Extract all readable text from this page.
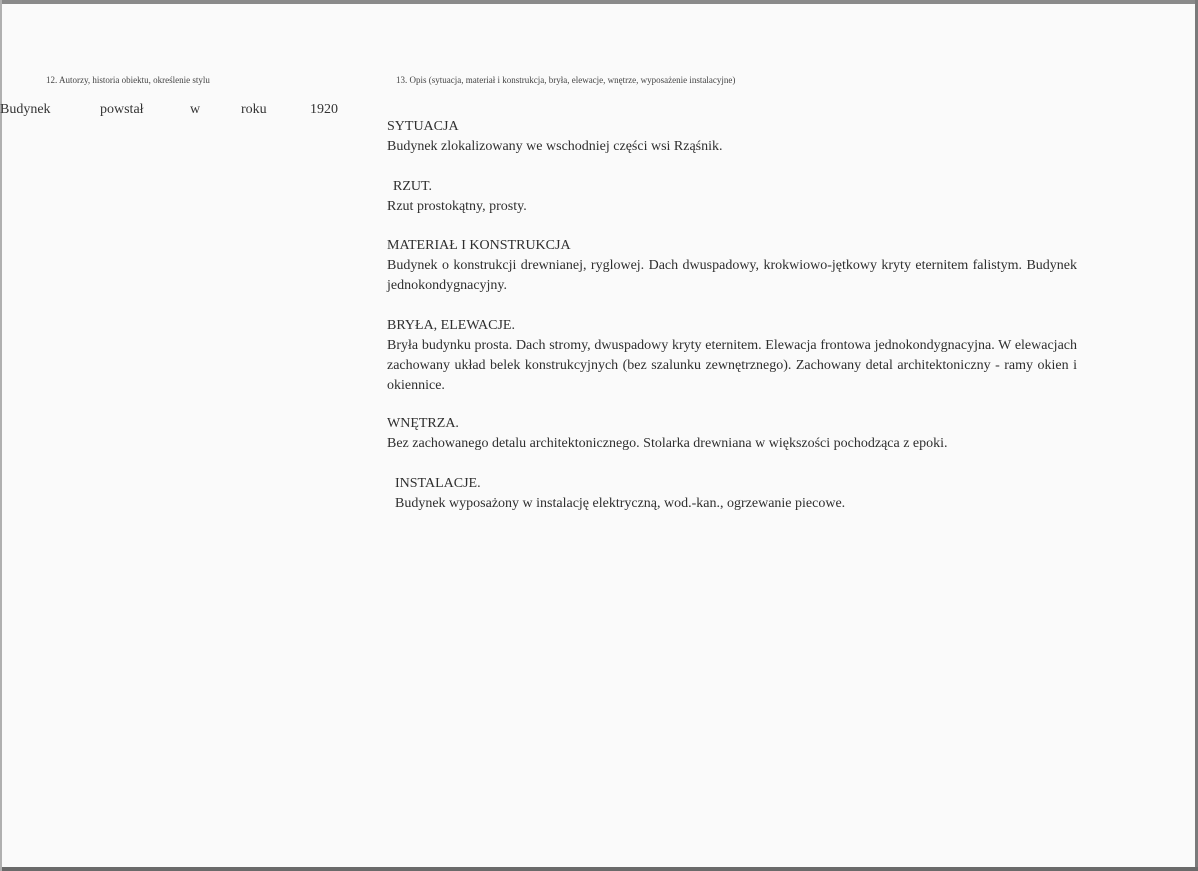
12. Autorzy, historia obiektu, określenie stylu	13. Opis (sytuacja, materiał i konstrukcja, bryła, elewacje, wnętrze, wyposażenie instalacyjne)
Budynek	powstał	w	roku	1920
SYTUACJA
Budynek zlokalizowany we wschodniej części wsi Rząśnik.
RZUT.
Rzut prostokątny, prosty.
MATERIAŁ I KONSTRUKCJA
Budynek o konstrukcji drewnianej, ryglowej. Dach dwuspadowy, krokwiowo-jętkowy kryty eternitem falistym. Budynek jednokondygnacyjny.
BRYŁA, ELEWACJE.
Bryła budynku prosta. Dach stromy, dwuspadowy kryty eternitem. Elewacja frontowa jednokondygnacyjna. W elewacjach zachowany układ belek konstrukcyjnych (bez szalunku zewnętrznego). Zachowany detal architektoniczny - ramy okien i okiennice.
WNĘTRZA.
Bez zachowanego detalu architektonicznego. Stolarka drewniana w większości pochodząca z epoki.
INSTALACJE.
Budynek wyposażony w instalację elektryczną, wod.-kan., ogrzewanie piecowe.
